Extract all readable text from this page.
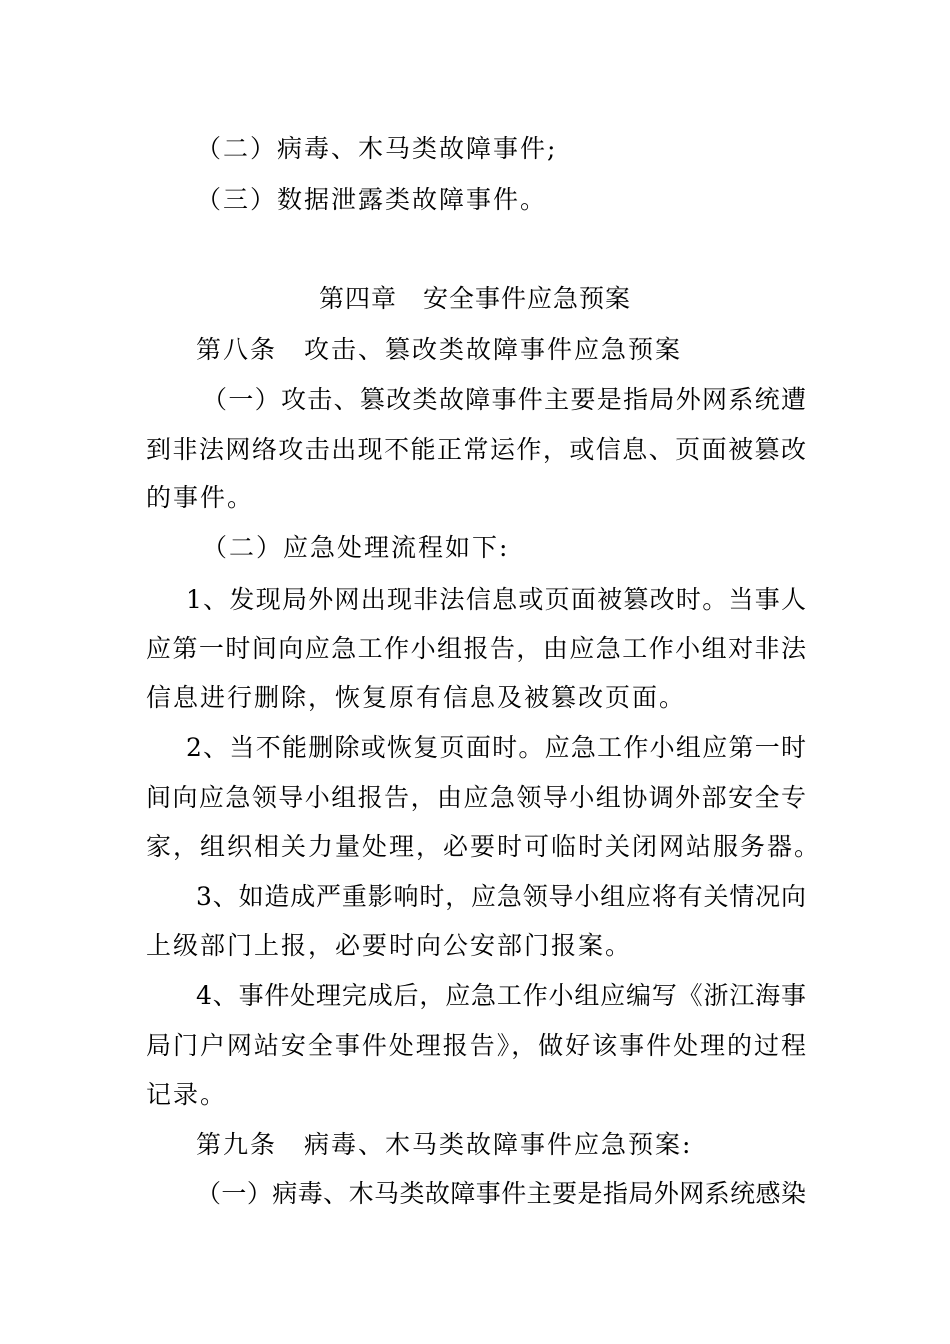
（二）病毒、木马类故障事件;
（三）数据泄露类故障事件。
第四章 安全事件应急预案
第八条　攻击、篡改类故障事件应急预案
（一）攻击、篡改类故障事件主要是指局外网系统遭
到非法网络攻击出现不能正常运作，或信息、页面被篡改
的事件。
（二）应急处理流程如下:
1、发现局外网出现非法信息或页面被篡改时。当事人
应第一时间向应急工作小组报告，由应急工作小组对非法
信息进行删除，恢复原有信息及被篡改页面。
2、当不能删除或恢复页面时。应急工作小组应第一时
间向应急领导小组报告，由应急领导小组协调外部安全专
家，组织相关力量处理，必要时可临时关闭网站服务器。
3、如造成严重影响时，应急领导小组应将有关情况向
上级部门上报，必要时向公安部门报案。
4、事件处理完成后，应急工作小组应编写《浙江海事
局门户网站安全事件处理报告》，做好该事件处理的过程
记录。
第九条　病毒、木马类故障事件应急预案:
（一）病毒、木马类故障事件主要是指局外网系统感染
